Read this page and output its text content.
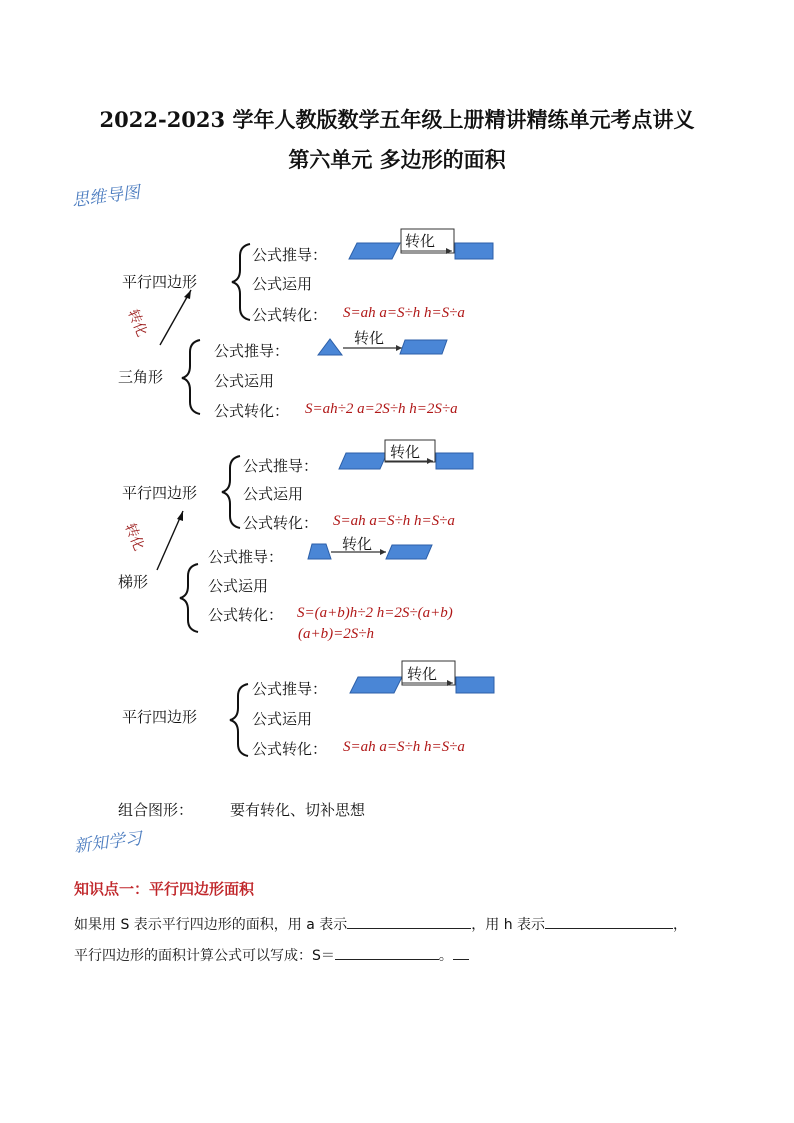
2022-2023 学年人教版数学五年级上册精讲精练单元考点讲义
第六单元 多边形的面积
思维导图
平行四边形
公式推导：
转化
公式运用
公式转化： S=ah a=S÷h h=S÷a
转化
三角形
公式推导：
转化
公式运用
公式转化： S=ah÷2 a=2S÷h h=2S÷a
平行四边形
公式推导：
转化
公式运用
公式转化： S=ah a=S÷h h=S÷a
转化
梯形
公式推导：
转化
公式运用
公式转化： S=(a+b)h÷2 h=2S÷(a+b)
(a+b)=2S÷h
平行四边形
公式推导：
转化
公式运用
公式转化： S=ah a=S÷h h=S÷a
组合图形： 要有转化、切补思想
新知学习
知识点一：平行四边形面积
如果用 S 表示平行四边形的面积，用 a 表示	，用 h 表示	，
平行四边形的面积计算公式可以写成：S＝	。
